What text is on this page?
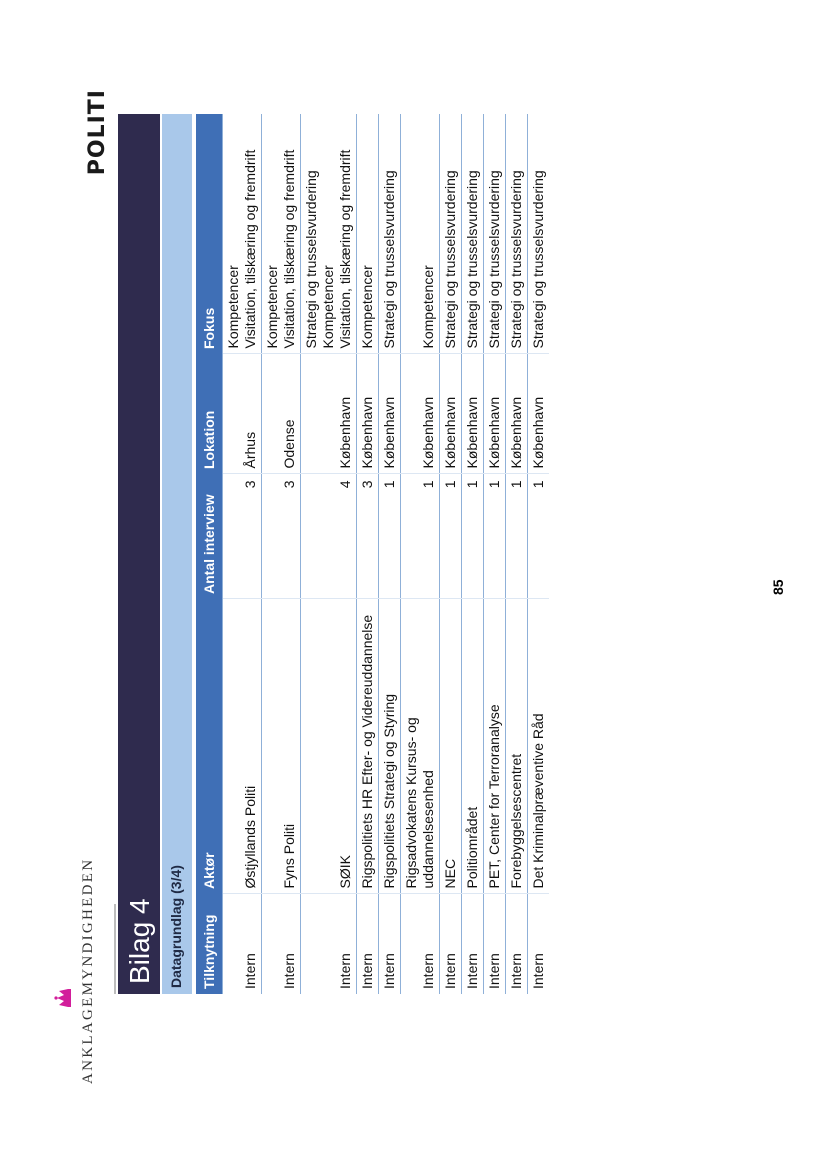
ANKLAGEMYNDIGHEDEN
POLITI
Bilag 4 Datagrundlag (3/4) Tilknytning	Aktør	Antal interview	Lokation	Fokus
Intern	Østjyllands Politi	3	Århus	Kompetencer Visitation, tilskæring og fremdrift

Intern	Fyns Politi	3	Odense	Kompetencer Visitation, tilskæring og fremdrift

Intern	SØIK	4	København	Strategi og trusselsvurdering Kompetencer Visitation, tilskæring og fremdrift

Intern	Rigspolitiets HR Efter- og Videreuddannelse	3	København	Kompetencer

Intern	Rigspolitiets Strategi og Styring	1	København	Strategi og trusselsvurdering

Intern	Rigsadvokatens Kursus- og uddannelsesenhed	1	København	Kompetencer

Intern	NEC	1	København	Strategi og trusselsvurdering

Intern	Politiområdet	1	København	Strategi og trusselsvurdering

Intern	PET, Center for Terroranalyse	1	København	Strategi og trusselsvurdering

Intern	Forebyggelsescentret	1	København	Strategi og trusselsvurdering

Intern	Det Kriminalpræventive Råd	1	København	Strategi og trusselsvurdering
85
